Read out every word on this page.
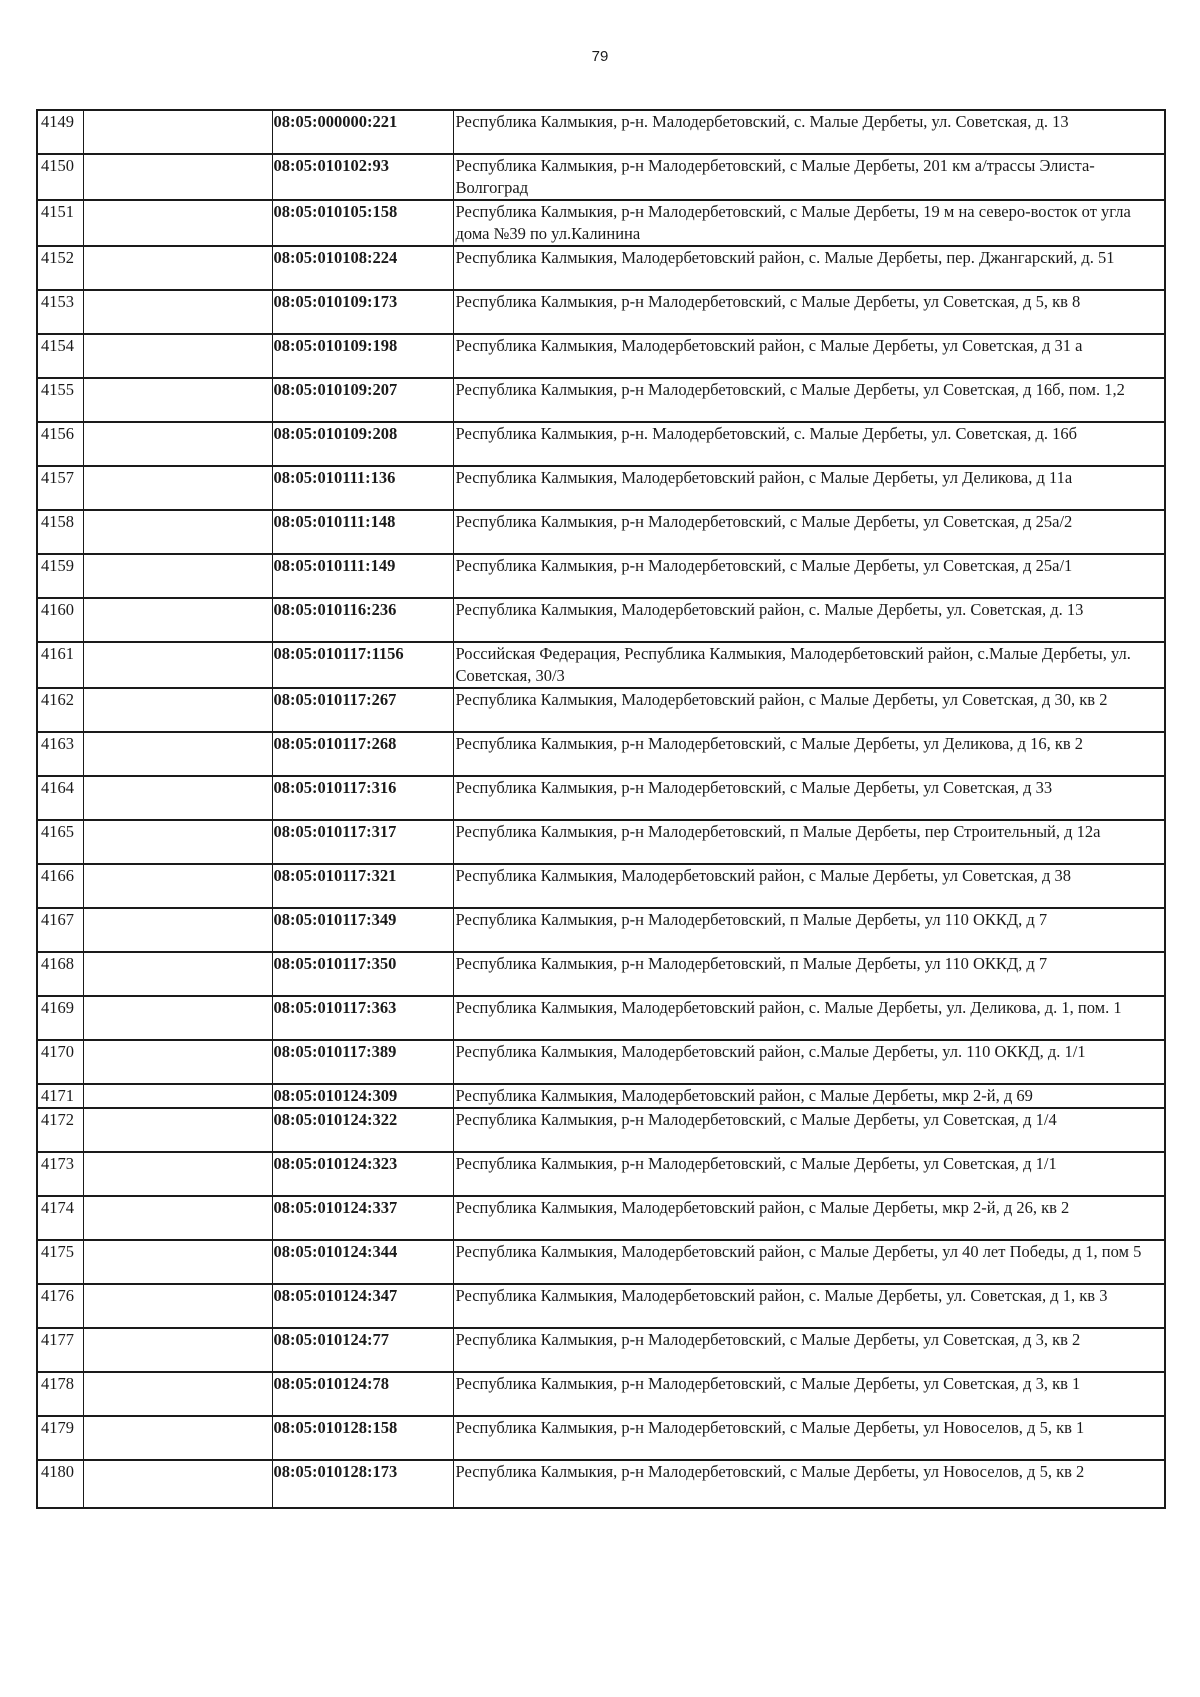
79
4149		08:05:000000:221	Республика Калмыкия, р-н. Малодербетовский, с. Малые Дербеты, ул. Советская, д. 13
4150		08:05:010102:93	Республика Калмыкия, р-н Малодербетовский, с Малые Дербеты, 201 км а/трассы Элиста-Волгоград
4151		08:05:010105:158	Республика Калмыкия, р-н Малодербетовский, с Малые Дербеты, 19 м на северо-восток от угла дома №39 по ул.Калинина
4152		08:05:010108:224	Республика Калмыкия, Малодербетовский район, с. Малые Дербеты, пер. Джангарский, д. 51
4153		08:05:010109:173	Республика Калмыкия, р-н Малодербетовский, с Малые Дербеты, ул Советская, д 5, кв 8
4154		08:05:010109:198	Республика Калмыкия, Малодербетовский район, с Малые Дербеты, ул Советская, д 31 а
4155		08:05:010109:207	Республика Калмыкия, р-н Малодербетовский, с Малые Дербеты, ул Советская, д 16б, пом. 1,2
4156		08:05:010109:208	Республика Калмыкия, р-н. Малодербетовский, с. Малые Дербеты, ул. Советская, д. 16б
4157		08:05:010111:136	Республика Калмыкия, Малодербетовский район, с Малые Дербеты, ул Деликова, д 11а
4158		08:05:010111:148	Республика Калмыкия, р-н Малодербетовский, с Малые Дербеты, ул Советская, д 25а/2
4159		08:05:010111:149	Республика Калмыкия, р-н Малодербетовский, с Малые Дербеты, ул Советская, д 25а/1
4160		08:05:010116:236	Республика Калмыкия, Малодербетовский район, с. Малые Дербеты, ул. Советская, д. 13
4161		08:05:010117:1156	Российская Федерация, Республика Калмыкия, Малодербетовский район, с.Малые Дербеты, ул. Советская, 30/3
4162		08:05:010117:267	Республика Калмыкия, Малодербетовский район, с Малые Дербеты, ул Советская, д 30, кв 2
4163		08:05:010117:268	Республика Калмыкия, р-н Малодербетовский, с Малые Дербеты, ул Деликова, д 16, кв 2
4164		08:05:010117:316	Республика Калмыкия, р-н Малодербетовский, с Малые Дербеты, ул Советская, д 33
4165		08:05:010117:317	Республика Калмыкия, р-н Малодербетовский, п Малые Дербеты, пер Строительный, д 12а
4166		08:05:010117:321	Республика Калмыкия, Малодербетовский район, с Малые Дербеты, ул Советская, д 38
4167		08:05:010117:349	Республика Калмыкия, р-н Малодербетовский, п Малые Дербеты, ул 110 ОККД, д 7
4168		08:05:010117:350	Республика Калмыкия, р-н Малодербетовский, п Малые Дербеты, ул 110 ОККД, д 7
4169		08:05:010117:363	Республика Калмыкия, Малодербетовский район, с. Малые Дербеты, ул. Деликова, д. 1, пом. 1
4170		08:05:010117:389	Республика Калмыкия, Малодербетовский район, с.Малые Дербеты, ул. 110 ОККД, д. 1/1
4171		08:05:010124:309	Республика Калмыкия, Малодербетовский район, с Малые Дербеты, мкр 2-й, д 69
4172		08:05:010124:322	Республика Калмыкия, р-н Малодербетовский, с Малые Дербеты, ул Советская, д 1/4
4173		08:05:010124:323	Республика Калмыкия, р-н Малодербетовский, с Малые Дербеты, ул Советская, д 1/1
4174		08:05:010124:337	Республика Калмыкия, Малодербетовский район, с Малые Дербеты, мкр 2-й, д 26, кв 2
4175		08:05:010124:344	Республика Калмыкия, Малодербетовский район, с Малые Дербеты, ул 40 лет Победы, д 1, пом 5
4176		08:05:010124:347	Республика Калмыкия, Малодербетовский район, с. Малые Дербеты, ул. Советская, д 1, кв 3
4177		08:05:010124:77	Республика Калмыкия, р-н Малодербетовский, с Малые Дербеты, ул Советская, д 3, кв 2
4178		08:05:010124:78	Республика Калмыкия, р-н Малодербетовский, с Малые Дербеты, ул Советская, д 3, кв 1
4179		08:05:010128:158	Республика Калмыкия, р-н Малодербетовский, с Малые Дербеты, ул Новоселов, д 5, кв 1
4180		08:05:010128:173	Республика Калмыкия, р-н Малодербетовский, с Малые Дербеты, ул Новоселов, д 5, кв 2
